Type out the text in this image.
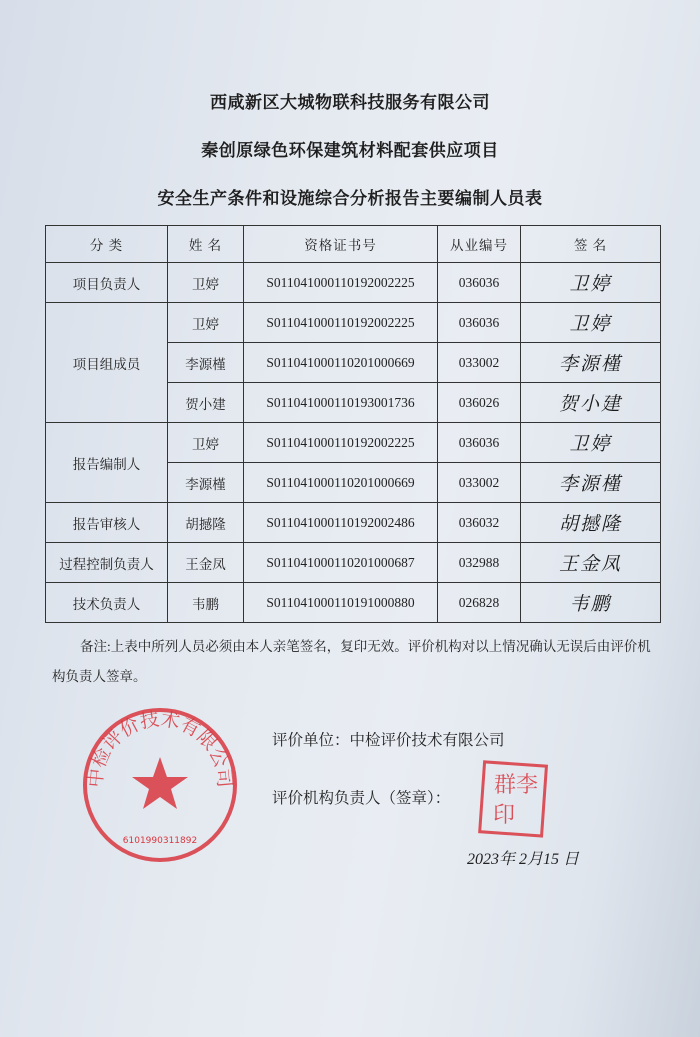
西咸新区大城物联科技服务有限公司
秦创原绿色环保建筑材料配套供应项目
安全生产条件和设施综合分析报告主要编制人员表
分 类	姓 名	资格证书号	从业编号	签 名
项目负责人	卫婷	S011041000110192002225	036036	卫婷
项目组成员	卫婷	S011041000110192002225	036036	卫婷
	李源槿	S011041000110201000669	033002	李源槿
	贺小建	S011041000110193001736	036026	贺小建
报告编制人	卫婷	S011041000110192002225	036036	卫婷
	李源槿	S011041000110201000669	033002	李源槿
报告审核人	胡撼隆	S011041000110192002486	036032	胡撼隆
过程控制负责人	王金凤	S011041000110201000687	032988	王金凤
技术负责人	韦鹏	S011041000110191000880	026828	韦鹏
备注:上表中所列人员必须由本人亲笔签名，复印无效。评价机构对以上情况确认无误后由评价机构负责人签章。
中检评价技术有限公司
6101990311892
评价单位：中检评价技术有限公司
评价机构负责人（签章）： 群李
印
2023年 2月15 日
